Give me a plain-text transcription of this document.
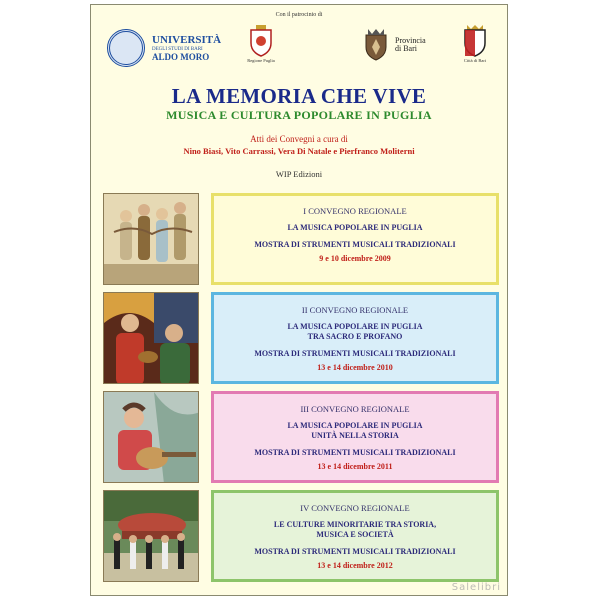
Con il patrocinio di

UNIVERSITÀ
DEGLI STUDI DI BARI
ALDO MORO	Regione Puglia
Provincia
di Bari
Città di Bari
LA MEMORIA CHE VIVE
MUSICA E CULTURA POPOLARE IN PUGLIA
Atti dei Convegni a cura di
Nino Biasi, Vito Carrassi, Vera Di Natale e Pierfranco Moliterni
WIP Edizioni
I CONVEGNO REGIONALE
LA MUSICA POPOLARE IN PUGLIA
MOSTRA DI STRUMENTI MUSICALI TRADIZIONALI
9 e 10 dicembre 2009
II CONVEGNO REGIONALE
LA MUSICA POPOLARE IN PUGLIA
TRA SACRO E PROFANO
MOSTRA DI STRUMENTI MUSICALI TRADIZIONALI
13 e 14 dicembre 2010
III CONVEGNO REGIONALE
LA MUSICA POPOLARE IN PUGLIA
UNITÀ NELLA STORIA
MOSTRA DI STRUMENTI MUSICALI TRADIZIONALI
13 e 14 dicembre 2011
IV CONVEGNO REGIONALE
LE CULTURE MINORITARIE TRA STORIA,
MUSICA E SOCIETÀ
MOSTRA DI STRUMENTI MUSICALI TRADIZIONALI
13 e 14 dicembre 2012
Salelibri
